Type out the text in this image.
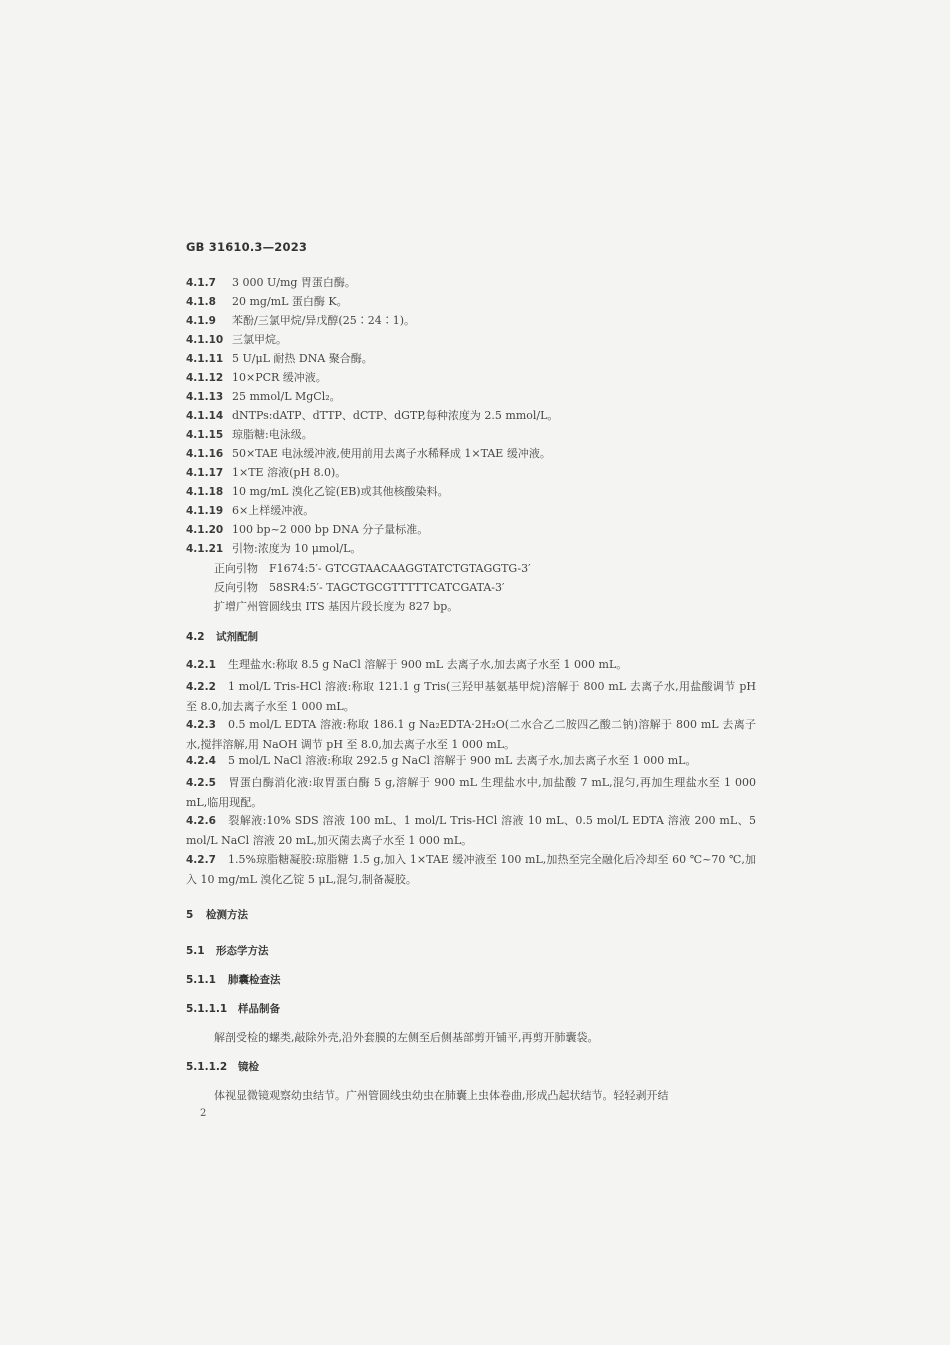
GB 31610.3—2023
4.1.7 3 000 U/mg 胃蛋白酶。
4.1.8 20 mg/mL 蛋白酶 K。
4.1.9 苯酚/三氯甲烷/异戊醇(25∶24∶1)。
4.1.10 三氯甲烷。
4.1.11 5 U/μL 耐热 DNA 聚合酶。
4.1.12 10×PCR 缓冲液。
4.1.13 25 mmol/L MgCl₂。
4.1.14 dNTPs:dATP、dTTP、dCTP、dGTP,每种浓度为 2.5 mmol/L。
4.1.15 琼脂糖:电泳级。
4.1.16 50×TAE 电泳缓冲液,使用前用去离子水稀释成 1×TAE 缓冲液。
4.1.17 1×TE 溶液(pH 8.0)。
4.1.18 10 mg/mL 溴化乙锭(EB)或其他核酸染料。
4.1.19 6×上样缓冲液。
4.1.20 100 bp~2 000 bp DNA 分子量标准。
4.1.21 引物:浓度为 10 μmol/L。
正向引物　F1674:5′- GTCGTAACAAGGTATCTGTAGGTG-3′
反向引物　58SR4:5′- TAGCTGCGTTTTTCATCGATA-3′
扩增广州管圆线虫 ITS 基因片段长度为 827 bp。
4.2 试剂配制
4.2.1 生理盐水:称取 8.5 g NaCl 溶解于 900 mL 去离子水,加去离子水至 1 000 mL。
4.2.2 1 mol/L Tris-HCl 溶液:称取 121.1 g Tris(三羟甲基氨基甲烷)溶解于 800 mL 去离子水,用盐酸调节 pH 至 8.0,加去离子水至 1 000 mL。
4.2.3 0.5 mol/L EDTA 溶液:称取 186.1 g Na₂EDTA·2H₂O(二水合乙二胺四乙酸二钠)溶解于 800 mL 去离子水,搅拌溶解,用 NaOH 调节 pH 至 8.0,加去离子水至 1 000 mL。
4.2.4 5 mol/L NaCl 溶液:称取 292.5 g NaCl 溶解于 900 mL 去离子水,加去离子水至 1 000 mL。
4.2.5 胃蛋白酶消化液:取胃蛋白酶 5 g,溶解于 900 mL 生理盐水中,加盐酸 7 mL,混匀,再加生理盐水至 1 000 mL,临用现配。
4.2.6 裂解液:10% SDS 溶液 100 mL、1 mol/L Tris-HCl 溶液 10 mL、0.5 mol/L EDTA 溶液 200 mL、5 mol/L NaCl 溶液 20 mL,加灭菌去离子水至 1 000 mL。
4.2.7 1.5%琼脂糖凝胶:琼脂糖 1.5 g,加入 1×TAE 缓冲液至 100 mL,加热至完全融化后冷却至 60 ℃~70 ℃,加入 10 mg/mL 溴化乙锭 5 μL,混匀,制备凝胶。
5 检测方法
5.1 形态学方法
5.1.1 肺囊检查法
5.1.1.1 样品制备
解剖受检的螺类,敲除外壳,沿外套膜的左侧至后侧基部剪开铺平,再剪开肺囊袋。
5.1.1.2 镜检
体视显微镜观察幼虫结节。广州管圆线虫幼虫在肺囊上虫体卷曲,形成凸起状结节。轻轻剥开结
2
